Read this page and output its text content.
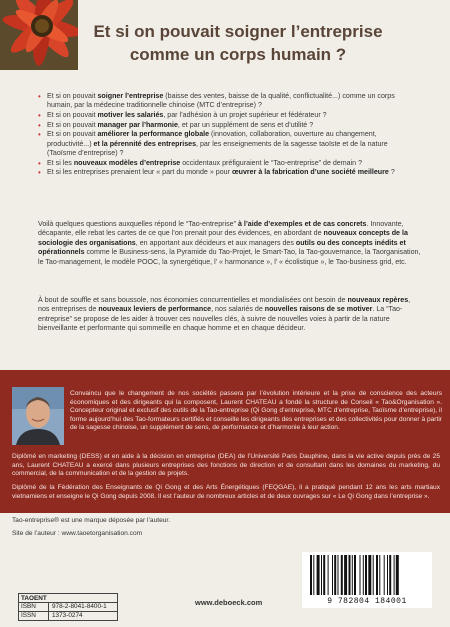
Et si on pouvait soigner l’entreprise
comme un corps humain ?
• Et si on pouvait soigner l’entreprise (baisse des ventes, baisse de la qualité, conflictualité...) comme un corps humain, par la médecine traditionnelle chinoise (MTC d’entreprise) ?
• Et si on pouvait motiver les salariés, par l’adhésion à un projet supérieur et fédérateur ?
• Et si on pouvait manager par l’harmonie, et par un supplément de sens et d’utilité ?
• Et si on pouvait améliorer la performance globale (innovation, collaboration, ouverture au changement, productivité...) et la pérennité des entreprises, par les enseignements de la sagesse taoïste et de la nature (Taoïsme d’entreprise) ?
• Et si les nouveaux modèles d’entreprise occidentaux préfiguraient le “Tao-entreprise” de demain ?
• Et si les entreprises prenaient leur « part du monde » pour œuvrer à la fabrication d’une société meilleure ?

Voilà quelques questions auxquelles répond le “Tao-entreprise” à l’aide d’exemples et de cas concrets. Innovante, décapante, elle rebat les cartes de ce que l’on prenait pour des évidences, en abordant de nouveaux concepts de la sociologie des organisations, en apportant aux décideurs et aux managers des outils ou des concepts inédits et opérationnels comme le Business-sens, la Pyramide du Tao-Projet, le Smart-Tao, la Tao-gouvernance, la Taorganisation, le Tao-management, le modèle POOC, la synergétique, l’ « harmonance », l’ « écolistique », le Tao-business grid, etc.

À bout de souffle et sans boussole, nos économies concurrentielles et mondialisées ont besoin de nouveaux repères, nos entreprises de nouveaux leviers de performance, nos salariés de nouvelles raisons de se motiver. La “Tao-entreprise” se propose de les aider à trouver ces nouvelles clés, à suivre de nouvelles voies à partir de la nature bienveillante et performante qui sommeille en chaque homme et en chaque décideur.

Convaincu que le changement de nos sociétés passera par l’évolution intérieure et la prise de conscience des acteurs économiques et des dirigeants qui la composent, Laurent CHATEAU a fondé la structure de Conseil « Tao&Organisation ». Concepteur original et exclusif des outils de la Tao-entreprise (Qi Gong d’entreprise, MTC d’entreprise, Taoïsme d’entreprise), il forme aujourd’hui des Tao-formateurs certifiés et conseille les dirigeants des entreprises et des collectivités pour donner à partir de la sagesse chinoise, un supplément de sens, de performance et d’harmonie à leur action.

Diplômé en marketing (DESS) et en aide à la décision en entreprise (DEA) de l’Université Paris Dauphine, dans la vie active depuis près de 25 ans, Laurent CHATEAU a exercé dans plusieurs entreprises des fonctions de direction et de consultant dans les domaines du marketing, du commercial, de la communication et de la gestion de projets.

Diplômé de la Fédération des Enseignants de Qi Gong et des Arts Énergétiques (FEQGAE), il a pratiqué pendant 12 ans les arts martiaux vietnamiens et enseigne le Qi Gong depuis 2008. Il est l’auteur de nombreux articles et de deux ouvrages sur « Le Qi Gong dans l’entreprise ».

Tao-entreprise® est une marque déposée par l’auteur.

Site de l’auteur : www.taoetorganisation.com

TAOENT
ISBN	978-2-8041-8400-1
ISSN	1373-0274

www.deboeck.com	9 782804 184001
